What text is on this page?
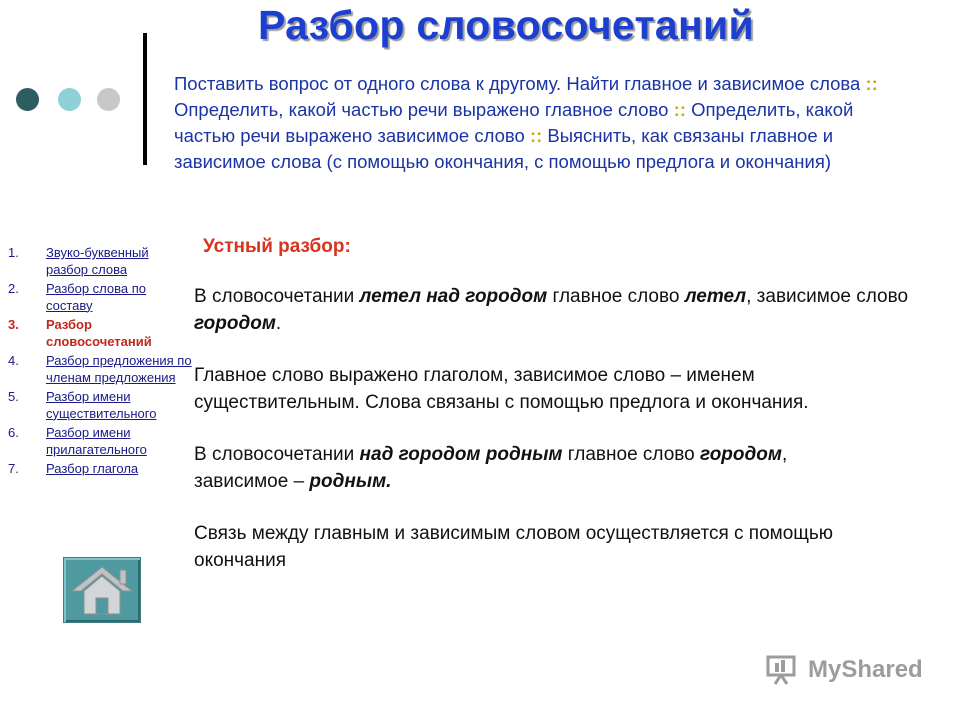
Разбор словосочетаний
Поставить вопрос от одного слова к другому. Найти главное и зависимое слова :: Определить, какой частью речи выражено главное слово :: Определить, какой частью речи выражено зависимое слово :: Выяснить, как связаны главное и зависимое слова (с помощью окончания, с помощью предлога и окончания)
1.	Звуко-буквенный разбор слова
2.	Разбор слова по составу
3.	Разбор словосочетаний
4.	Разбор предложения по членам предложения
5.	Разбор имени существительного
6.	Разбор имени прилагательного
7.	Разбор глагола
Устный разбор:

В словосочетании летел над городом главное слово летел, зависимое слово городом.

Главное слово выражено глаголом, зависимое слово – именем существительным. Слова связаны с помощью предлога и окончания.

В словосочетании над городом родным главное слово городом,
зависимое – родным.

Связь между главным и зависимым словом осуществляется с помощью окончания

MyShared
